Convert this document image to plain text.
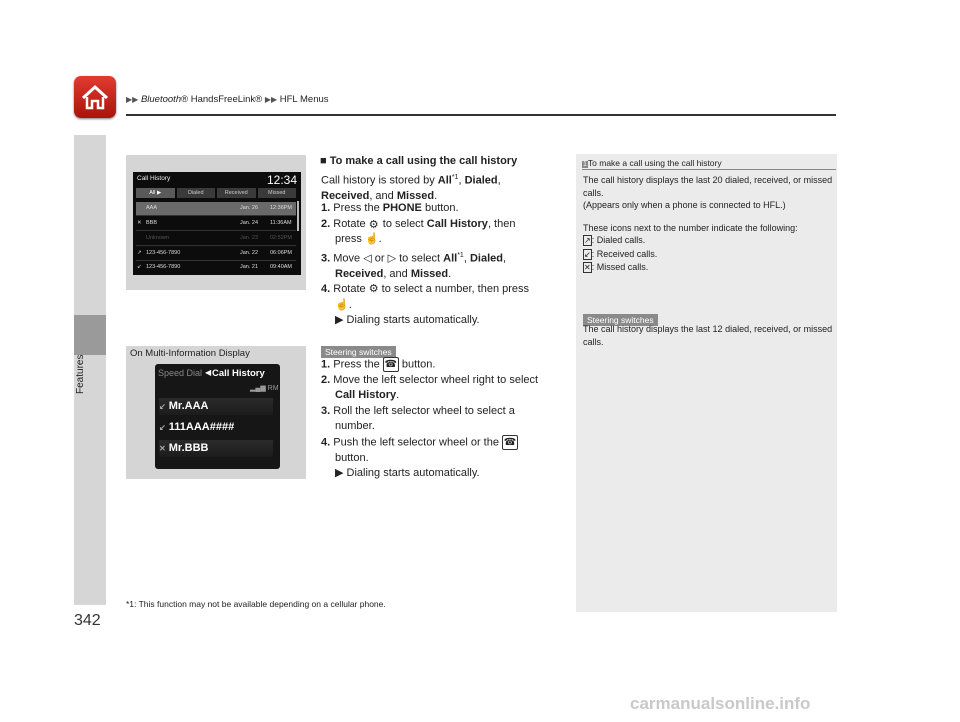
▶▶ Bluetooth® HandsFreeLink® ▶▶ HFL Menus
Features
342
Call History	12:34
All ▶	Dialed	Received	Missed
AAA	Jan. 26 12:36PM
✕ BBB	Jan. 24 11:36AM
Unknown	Jan. 23 02:52PM
↗ 123-456-7890	Jan. 22 06:06PM
↙ 123-456-7890	Jan. 21 09:40AM
On Multi-Information Display
Speed Dial ◀ Call History
▂▄▆ RM
↙ Mr.AAA
↙ 111AAA####
✕ Mr.BBB
■ To make a call using the call history
Call history is stored by All$^{*1}$, Dialed,
Received, and Missed.
1. Press the PHONE button.
2. Rotate ⚙ to select Call History, then
press ☝.
3. Move ◁ or ▷ to select All$^{*1}$, Dialed,
Received, and Missed.
4. Rotate ⚙ to select a number, then press
☝.
▶ Dialing starts automatically.
Steering switches
1. Press the ☎ button.
2. Move the left selector wheel right to select
Call History.
3. Roll the left selector wheel to select a
number.
4. Push the left selector wheel or the ☎
button.
▶ Dialing starts automatically.
1To make a call using the call history
The call history displays the last 20 dialed, received, or missed calls.
(Appears only when a phone is connected to HFL.)
These icons next to the number indicate the following:
↗: Dialed calls.
↙: Received calls.
✕: Missed calls.
Steering switches
The call history displays the last 12 dialed, received, or missed calls.
*1: This function may not be available depending on a cellular phone.
carmanualsonline.info
